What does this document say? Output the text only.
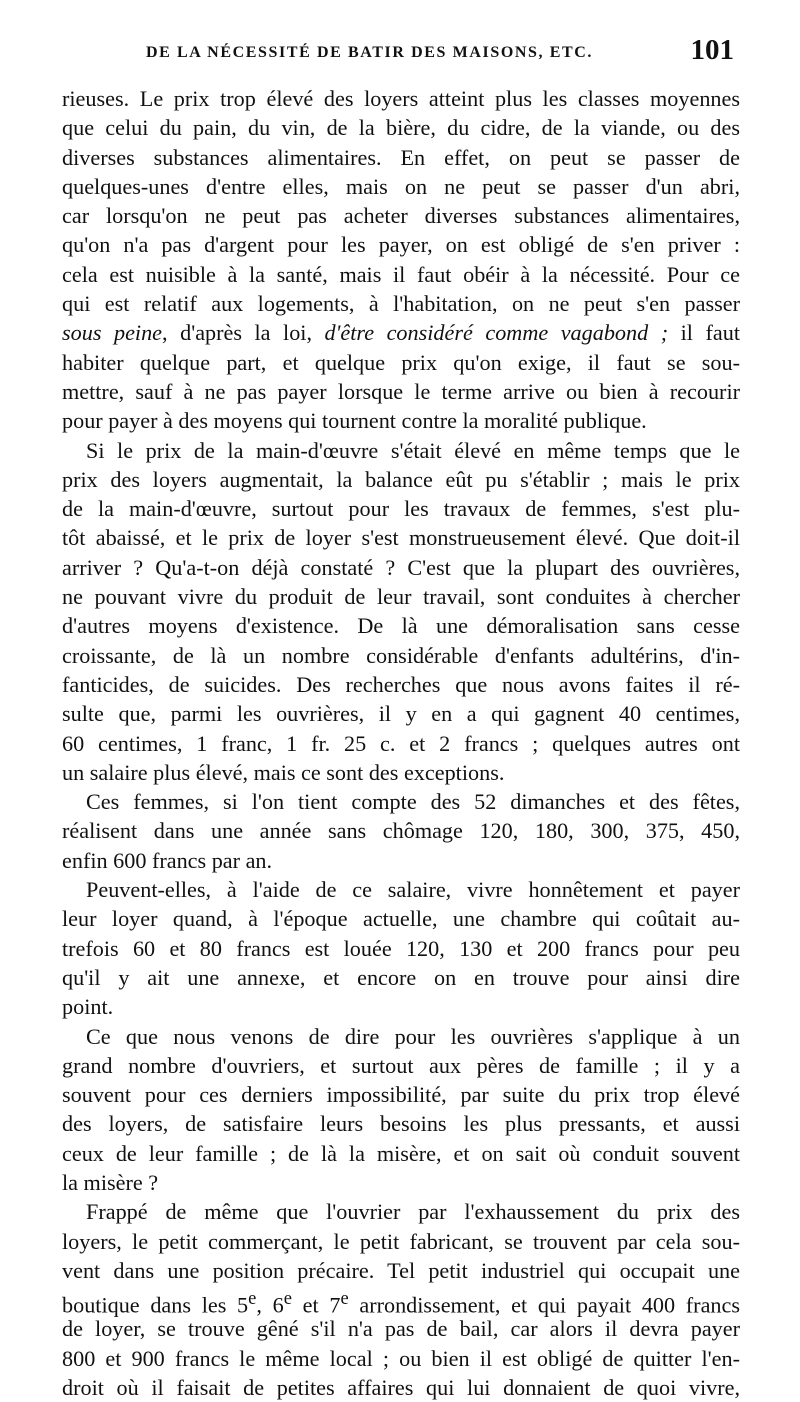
DE LA NÉCESSITÉ DE BATIR DES MAISONS, ETC.	101
rieuses. Le prix trop élevé des loyers atteint plus les classes moyennes
que celui du pain, du vin, de la bière, du cidre, de la viande, ou des
diverses substances alimentaires. En effet, on peut se passer de
quelques-unes d'entre elles, mais on ne peut se passer d'un abri,
car lorsqu'on ne peut pas acheter diverses substances alimentaires,
qu'on n'a pas d'argent pour les payer, on est obligé de s'en priver :
cela est nuisible à la santé, mais il faut obéir à la nécessité. Pour ce
qui est relatif aux logements, à l'habitation, on ne peut s'en passer
sous peine, d'après la loi, d'être considéré comme vagabond ; il faut
habiter quelque part, et quelque prix qu'on exige, il faut se sou-
mettre, sauf à ne pas payer lorsque le terme arrive ou bien à recourir
pour payer à des moyens qui tournent contre la moralité publique.
Si le prix de la main-d'œuvre s'était élevé en même temps que le
prix des loyers augmentait, la balance eût pu s'établir ; mais le prix
de la main-d'œuvre, surtout pour les travaux de femmes, s'est plu-
tôt abaissé, et le prix de loyer s'est monstrueusement élevé. Que doit-il
arriver ? Qu'a-t-on déjà constaté ? C'est que la plupart des ouvrières,
ne pouvant vivre du produit de leur travail, sont conduites à chercher
d'autres moyens d'existence. De là une démoralisation sans cesse
croissante, de là un nombre considérable d'enfants adultérins, d'in-
fanticides, de suicides. Des recherches que nous avons faites il ré-
sulte que, parmi les ouvrières, il y en a qui gagnent 40 centimes,
60 centimes, 1 franc, 1 fr. 25 c. et 2 francs ; quelques autres ont
un salaire plus élevé, mais ce sont des exceptions.
Ces femmes, si l'on tient compte des 52 dimanches et des fêtes,
réalisent dans une année sans chômage 120, 180, 300, 375, 450,
enfin 600 francs par an.
Peuvent-elles, à l'aide de ce salaire, vivre honnêtement et payer
leur loyer quand, à l'époque actuelle, une chambre qui coûtait au-
trefois 60 et 80 francs est louée 120, 130 et 200 francs pour peu
qu'il y ait une annexe, et encore on en trouve pour ainsi dire
point.
Ce que nous venons de dire pour les ouvrières s'applique à un
grand nombre d'ouvriers, et surtout aux pères de famille ; il y a
souvent pour ces derniers impossibilité, par suite du prix trop élevé
des loyers, de satisfaire leurs besoins les plus pressants, et aussi
ceux de leur famille ; de là la misère, et on sait où conduit souvent
la misère ?
Frappé de même que l'ouvrier par l'exhaussement du prix des
loyers, le petit commerçant, le petit fabricant, se trouvent par cela sou-
vent dans une position précaire. Tel petit industriel qui occupait une
boutique dans les 5e, 6e et 7e arrondissement, et qui payait 400 francs
de loyer, se trouve gêné s'il n'a pas de bail, car alors il devra payer
800 et 900 francs le même local ; ou bien il est obligé de quitter l'en-
droit où il faisait de petites affaires qui lui donnaient de quoi vivre,
